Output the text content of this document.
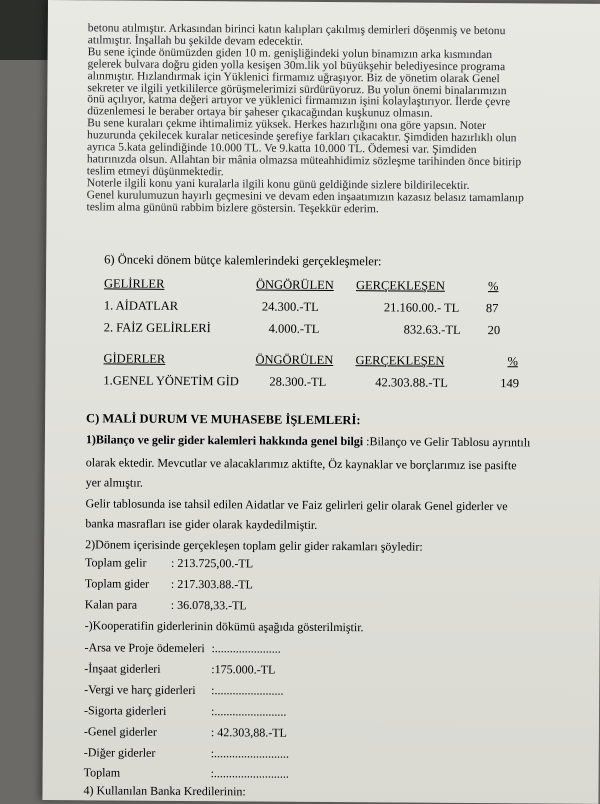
betonu atılmıştır. Arkasından birinci katın kalıpları çakılmış demirleri döşenmiş ve betonu
atılmıştır. İnşallah bu şekilde devam edecektir.
Bu sene içinde önümüzden giden 10 m. genişliğindeki yolun binamızın arka kısmından
gelerek bulvara doğru giden yolla kesişen 30m.lik yol büyükşehir belediyesince programa
alınmıştır. Hızlandırmak için Yüklenici firmamız uğraşıyor. Biz de yönetim olarak Genel
sekreter ve ilgili yetkililerce görüşmelerimizi sürdürüyoruz. Bu yolun önemi binalarımızın
önü açılıyor, katma değeri artıyor ve yüklenici firmamızın işini kolaylaştırıyor. İlerde çevre
düzenlemesi le beraber ortaya bir şaheser çıkacağından kuşkunuz olmasın.
Bu sene kuraları çekme ihtimalimiz yüksek. Herkes hazırlığını ona göre yapsın. Noter
huzurunda çekilecek kuralar neticesinde şerefiye farkları çıkacaktır. Şimdiden hazırlıklı olun
ayrıca 5.kata gelindiğinde 10.000 TL. Ve 9.katta 10.000 TL. Ödemesi var. Şimdiden
hatırınızda olsun. Allahtan bir mânia olmazsa müteahhidimiz sözleşme tarihinden önce bitirip
teslim etmeyi düşünmektedir.
Noterle ilgili konu yani kuralarla ilgili konu günü geldiğinde sizlere bildirilecektir.
Genel kurulumuzun hayırlı geçmesini ve devam eden inşaatımızın kazasız belasız tamamlanıp
teslim alma gününü rabbim bizlere göstersin. Teşekkür ederim.
6) Önceki dönem bütçe kalemlerindeki gerçekleşmeler:
GELİRLER	ÖNGÖRÜLEN GERÇEKLEŞEN	%
1. AİDATLAR	24.300.-TL	21.160.00.- TL 87
2. FAİZ GELİRLERİ	4.000.-TL	832.63.-TL 20
GİDERLER	ÖNGÖRÜLEN GERÇEKLEŞEN	%
1.GENEL YÖNETİM GİD 28.300.-TL	42.303.88.-TL	149
C) MALİ DURUM VE MUHASEBE İŞLEMLERİ:
1)Bilanço ve gelir gider kalemleri hakkında genel bilgi :Bilanço ve Gelir Tablosu ayrıntılı
olarak ektedir. Mevcutlar ve alacaklarımız aktifte, Öz kaynaklar ve borçlarımız ise pasifte
yer almıştır.
Gelir tablosunda ise tahsil edilen Aidatlar ve Faiz gelirleri gelir olarak Genel giderler ve
banka masrafları ise gider olarak kaydedilmiştir.
2)Dönem içerisinde gerçekleşen toplam gelir gider rakamları şöyledir:
Toplam gelir : 213.725,00.-TL
Toplam gider : 217.303.88.-TL
Kalan para	: 36.078,33.-TL
-)Kooperatifin giderlerinin dökümü aşağıda gösterilmiştir.
-Arsa ve Proje ödemeleri :......................
-İnşaat giderleri	:175.000.-TL
-Vergi ve harç giderleri :.......................
-Sigorta giderleri	:........................
-Genel giderler	: 42.303,88.-TL
-Diğer giderler	:.........................
Toplam	:.........................
4) Kullanılan Banka Kredilerinin:
